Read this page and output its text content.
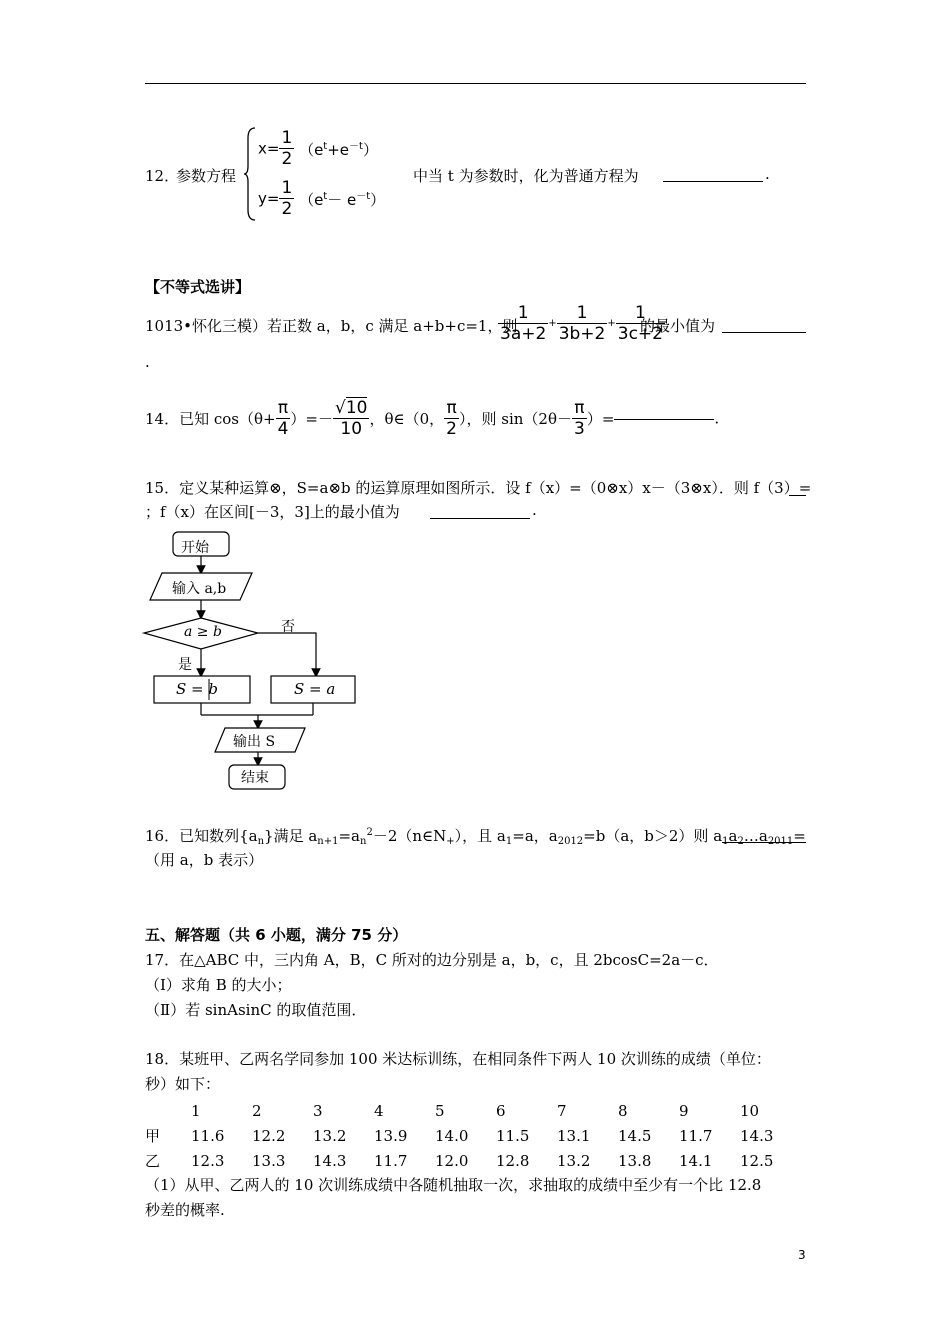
12．
参数方程
$x= \frac{1}{2} (e^t+e^{-t})$
$y= \frac{1}{2} (e^t- e^{-t})$
中当 t 为参数时，化为普通方程为	.
【不等式选讲】
1013•怀化三模）若正数 a，b，c 满足 a+b+c=1，则
$\frac{1}{3a+2} + \frac{1}{3b+2} + \frac{1}{3c+2}$
的最小值为
.
14．已知 $\cos(\theta+ \frac{\pi}{4}$ ）=－ $\frac{√10}{10}$ ，θ∈（0， $\frac{\pi}{2}$ ），则 $\sin(2\theta- \frac{\pi}{3}$ ）=	.
15．定义某种运算⊗，S=a⊗b 的运算原理如图所示．设 f（x）=（0⊗x）x－（3⊗x）．则 f（3）=
；f（x）在区间[－3，3]上的最小值为	.
开始
输入 a,b
a ≥ b	否
是
S = b	S = a
输出 S
结束
16．已知数列$\{a_n\}$满足 $a_{n+1}=a_n^2-2(n\in N_+)$，且 $a_1=a$，$a_{2012}=b(a$，b＞2）则 $a_1a_2\dots a_{2011}=$
（用 a，b 表示）
五、解答题（共 6 小题，满分 75 分）
17．在△ABC 中，三内角 A，B，C 所对的边分别是 a，b，c，且 2bcosC=2a－c．
（Ⅰ）求角 B 的大小；
（Ⅱ）若 sinAsinC 的取值范围．
18．某班甲、乙两名学同参加 100 米达标训练，在相同条件下两人 10 次训练的成绩（单位：
秒）如下：
	1	2	3	4	5	6	7	8	9	10
甲	11.6	12.2	13.2	13.9	14.0	11.5	13.1	14.5	11.7	14.3
乙	12.3	13.3	14.3	11.7	12.0	12.8	13.2	13.8	14.1	12.5
（1）从甲、乙两人的 10 次训练成绩中各随机抽取一次，求抽取的成绩中至少有一个比 12.8
秒差的概率.
3
